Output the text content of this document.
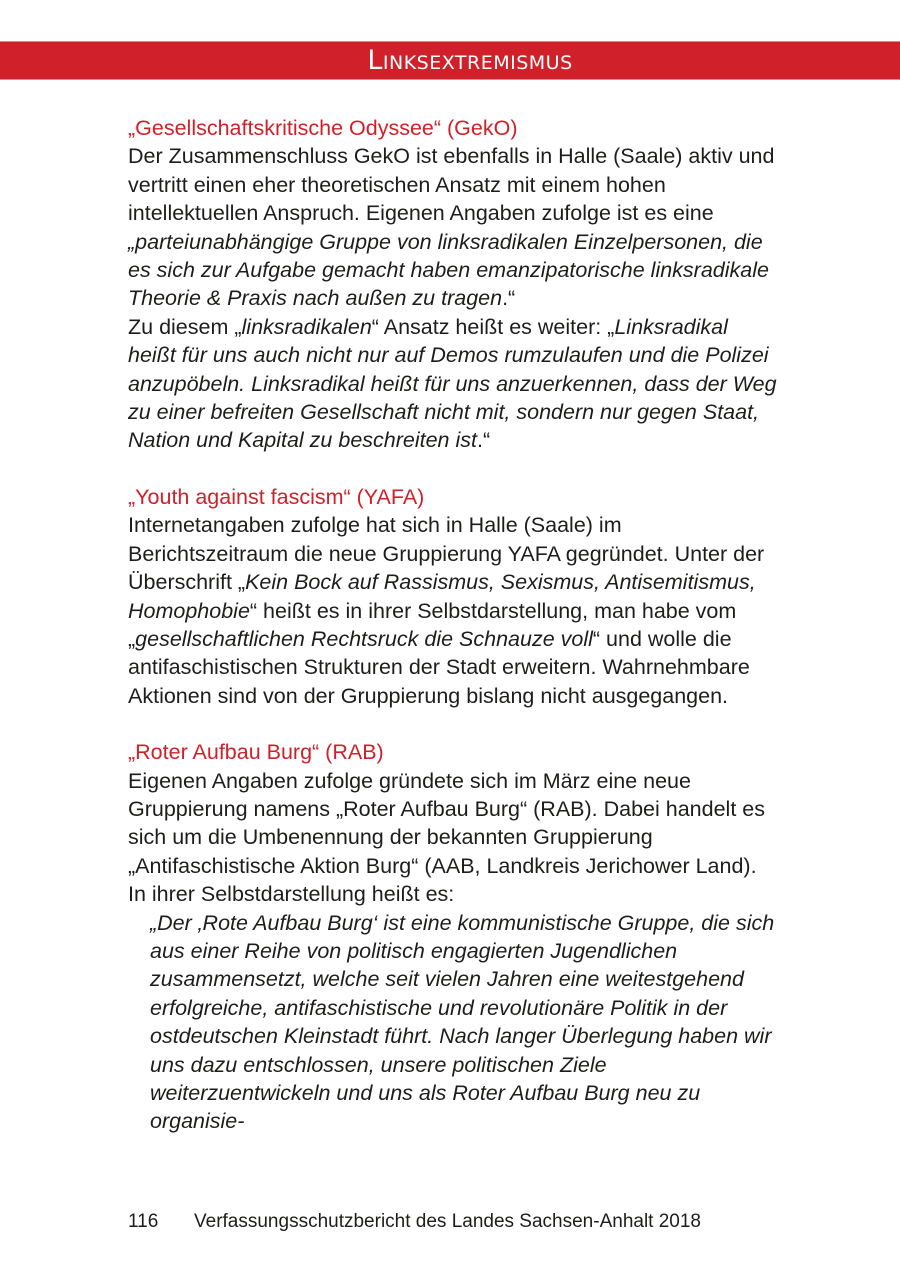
Linksextremismus
„Gesellschaftskritische Odyssee“ (GekO)

Der Zusammenschluss GekO ist ebenfalls in Halle (Saale) aktiv und vertritt einen eher theoretischen Ansatz mit einem hohen intellektuellen Anspruch. Eigenen Angaben zufolge ist es eine „parteiunabhängige Gruppe von linksradikalen Einzelpersonen, die es sich zur Aufgabe gemacht haben emanzipatorische linksradikale Theorie & Praxis nach außen zu tragen.“

Zu diesem „linksradikalen“ Ansatz heißt es weiter: „Linksradikal heißt für uns auch nicht nur auf Demos rumzulaufen und die Polizei anzupöbeln. Linksradikal heißt für uns anzuerkennen, dass der Weg zu einer befreiten Gesellschaft nicht mit, sondern nur gegen Staat, Nation und Kapital zu beschreiten ist.“

„Youth against fascism“ (YAFA)

Internetangaben zufolge hat sich in Halle (Saale) im Berichtszeitraum die neue Gruppierung YAFA gegründet. Unter der Überschrift „Kein Bock auf Rassismus, Sexismus, Antisemitismus, Homophobie“ heißt es in ihrer Selbstdarstellung, man habe vom „gesellschaftlichen Rechtsruck die Schnauze voll“ und wolle die antifaschistischen Strukturen der Stadt erweitern. Wahrnehmbare Aktionen sind von der Gruppierung bislang nicht ausgegangen.

„Roter Aufbau Burg“ (RAB)

Eigenen Angaben zufolge gründete sich im März eine neue Gruppierung namens „Roter Aufbau Burg“ (RAB). Dabei handelt es sich um die Umbenennung der bekannten Gruppierung „Antifaschistische Aktion Burg“ (AAB, Landkreis Jerichower Land). In ihrer Selbstdarstellung heißt es:

„Der ‚Rote Aufbau Burg‘ ist eine kommunistische Gruppe, die sich aus einer Reihe von politisch engagierten Jugendlichen zusammensetzt, welche seit vielen Jahren eine weitestgehend erfolgreiche, antifaschistische und revolutionäre Politik in der ostdeutschen Kleinstadt führt. Nach langer Überlegung haben wir uns dazu entschlossen, unsere politischen Ziele weiterzuentwickeln und uns als Roter Aufbau Burg neu zu organisie-

116 Verfassungsschutzbericht des Landes Sachsen-Anhalt 2018
